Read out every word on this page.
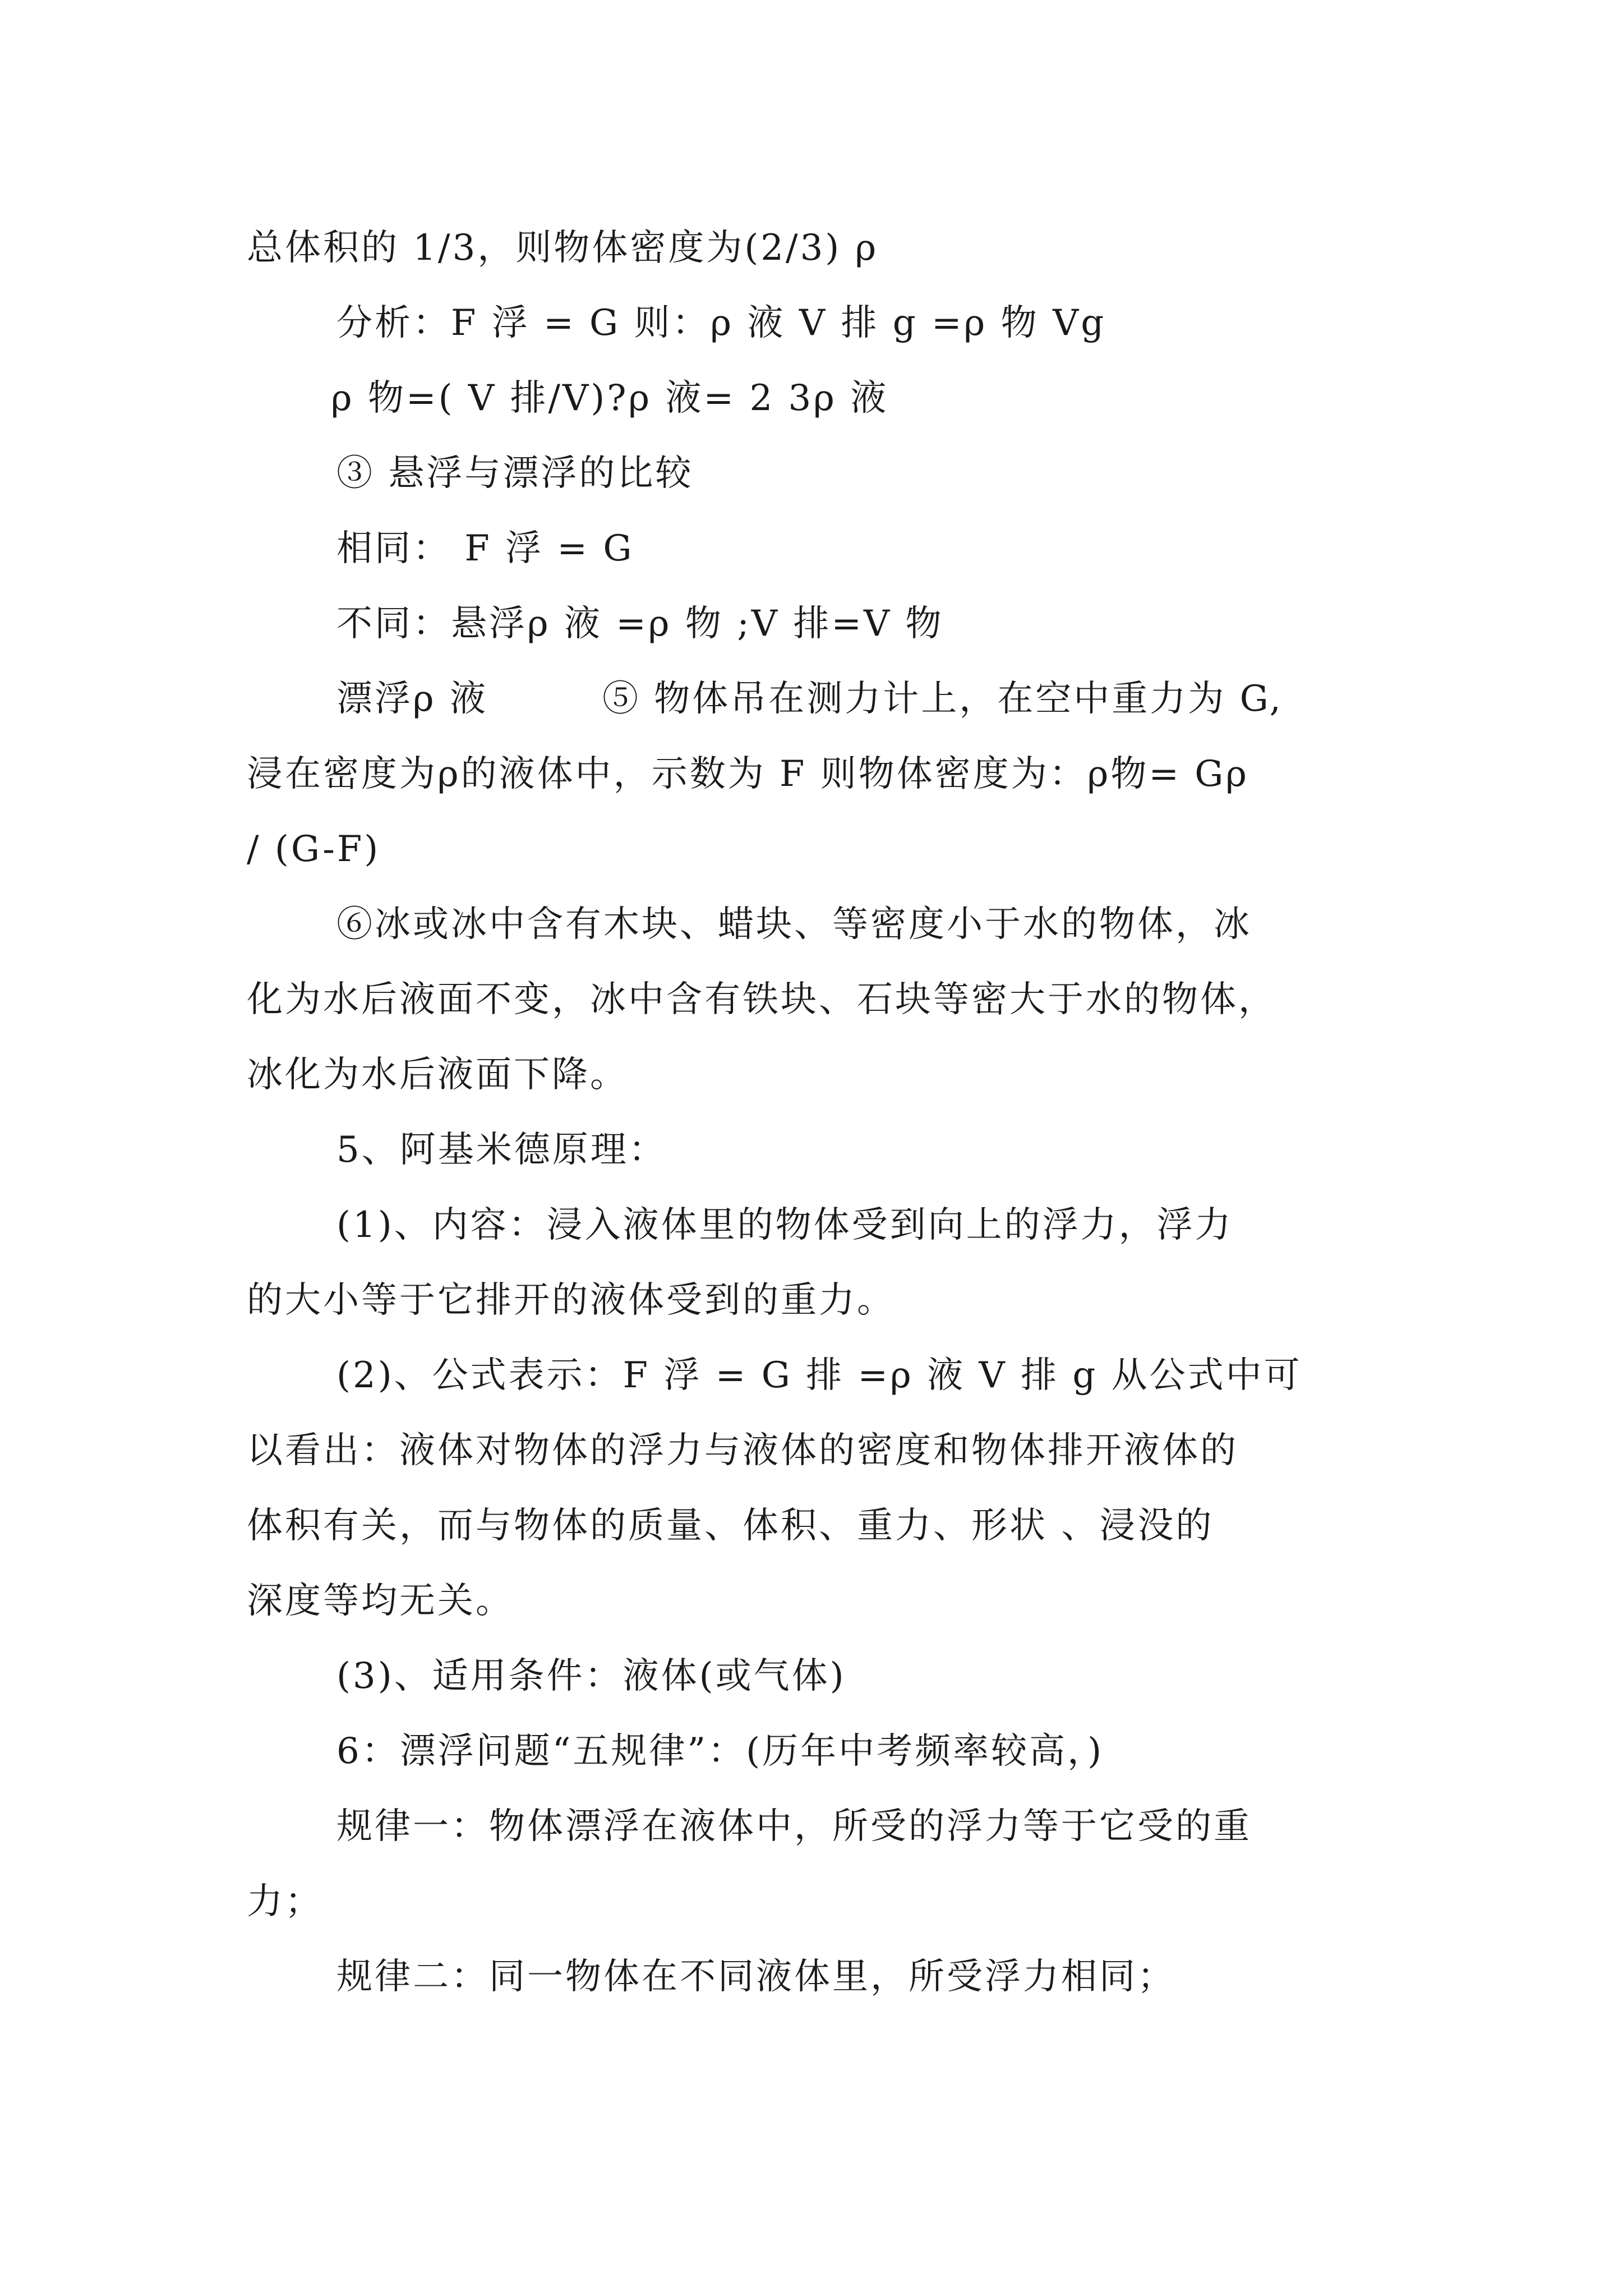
总体积的 1/3，则物体密度为(2/3) ρ
分析：F 浮 = G 则：ρ 液 V 排 g =ρ 物 Vg
ρ 物=( V 排/V)?ρ 液= 2 3ρ 液
③ 悬浮与漂浮的比较
相同： F 浮 = G
不同：悬浮ρ 液 =ρ 物 ;V 排=V 物
漂浮ρ 液　　　⑤ 物体吊在测力计上，在空中重力为 G,
浸在密度为ρ的液体中，示数为 F 则物体密度为：ρ物= Gρ
/ (G-F)
⑥冰或冰中含有木块、蜡块、等密度小于水的物体，冰
化为水后液面不变，冰中含有铁块、石块等密大于水的物体，
冰化为水后液面下降。
5、阿基米德原理：
(1)、内容：浸入液体里的物体受到向上的浮力，浮力
的大小等于它排开的液体受到的重力。
(2)、公式表示：F 浮 = G 排 =ρ 液 V 排 g 从公式中可
以看出：液体对物体的浮力与液体的密度和物体排开液体的
体积有关，而与物体的质量、体积、重力、形状 、浸没的
深度等均无关。
(3)、适用条件：液体(或气体)
6：漂浮问题“五规律”：(历年中考频率较高，)
规律一：物体漂浮在液体中，所受的浮力等于它受的重
力；
规律二：同一物体在不同液体里，所受浮力相同；
